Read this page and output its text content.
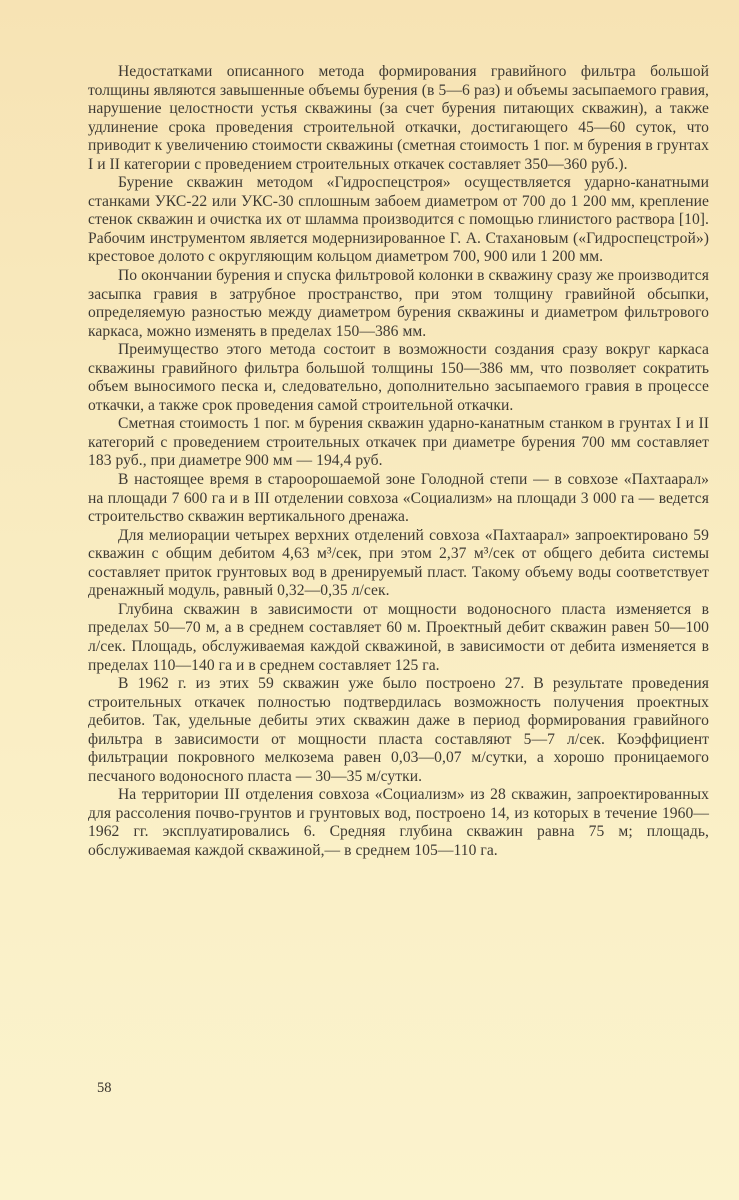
Недостатками описанного метода формирования гравийного фильтра большой толщины являются завышенные объемы бурения (в 5—6 раз) и объемы засыпаемого гравия, нарушение целостности устья скважины (за счет бурения питающих скважин), а также удлинение срока проведения строительной откачки, достигающего 45—60 суток, что приводит к увеличению стоимости скважины (сметная стоимость 1 пог. м бурения в грунтах I и II категории с проведением строительных откачек составляет 350—360 руб.).

Бурение скважин методом «Гидроспецстроя» осуществляется ударно-канатными станками УКС-22 или УКС-30 сплошным забоем диаметром от 700 до 1 200 мм, крепление стенок скважин и очистка их от шламма производится с помощью глинистого раствора [10]. Рабочим инструментом является модернизированное Г. А. Стахановым («Гидроспецстрой») крестовое долото с округляющим кольцом диаметром 700, 900 или 1 200 мм.

По окончании бурения и спуска фильтровой колонки в скважину сразу же производится засыпка гравия в затрубное пространство, при этом толщину гравийной обсыпки, определяемую разностью между диаметром бурения скважины и диаметром фильтрового каркаса, можно изменять в пределах 150—386 мм.

Преимущество этого метода состоит в возможности создания сразу вокруг каркаса скважины гравийного фильтра большой толщины 150—386 мм, что позволяет сократить объем выносимого песка и, следовательно, дополнительно засыпаемого гравия в процессе откачки, а также срок проведения самой строительной откачки.

Сметная стоимость 1 пог. м бурения скважин ударно-канатным станком в грунтах I и II категорий с проведением строительных откачек при диаметре бурения 700 мм составляет 183 руб., при диаметре 900 мм — 194,4 руб.

В настоящее время в староорошаемой зоне Голодной степи — в совхозе «Пахтаарал» на площади 7 600 га и в III отделении совхоза «Социализм» на площади 3 000 га — ведется строительство скважин вертикального дренажа.

Для мелиорации четырех верхних отделений совхоза «Пахтаарал» запроектировано 59 скважин с общим дебитом 4,63 м³/сек, при этом 2,37 м³/сек от общего дебита системы составляет приток грунтовых вод в дренируемый пласт. Такому объему воды соответствует дренажный модуль, равный 0,32—0,35 л/сек.

Глубина скважин в зависимости от мощности водоносного пласта изменяется в пределах 50—70 м, а в среднем составляет 60 м. Проектный дебит скважин равен 50—100 л/сек. Площадь, обслуживаемая каждой скважиной, в зависимости от дебита изменяется в пределах 110—140 га и в среднем составляет 125 га.

В 1962 г. из этих 59 скважин уже было построено 27. В результате проведения строительных откачек полностью подтвердилась возможность получения проектных дебитов. Так, удельные дебиты этих скважин даже в период формирования гравийного фильтра в зависимости от мощности пласта составляют 5—7 л/сек. Коэффициент фильтрации покровного мелкозема равен 0,03—0,07 м/сутки, а хорошо проницаемого песчаного водоносного пласта — 30—35 м/сутки.

На территории III отделения совхоза «Социализм» из 28 скважин, запроектированных для рассоления почво-грунтов и грунтовых вод, построено 14, из которых в течение 1960—1962 гг. эксплуатировались 6. Средняя глубина скважин равна 75 м; площадь, обслуживаемая каждой скважиной,— в среднем 105—110 га.

58
